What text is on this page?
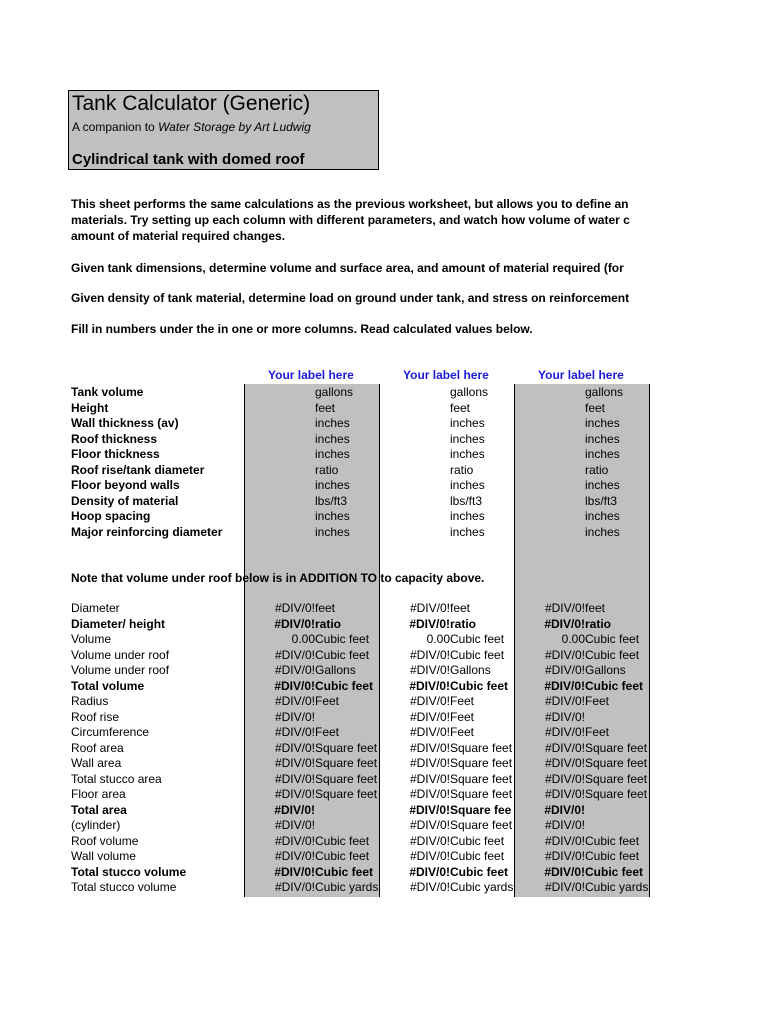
Tank Calculator (Generic)
A companion to Water Storage by Art Ludwig
Cylindrical tank with domed roof
This sheet performs the same calculations as the previous worksheet, but allows you to define an
materials. Try setting up each column with different parameters, and watch how volume of water c
amount of material required changes.
Given tank dimensions, determine volume and surface area, and amount of material required (for
Given density of tank material, determine load on ground under tank, and stress on reinforcement
Fill in numbers under the in one or more columns. Read calculated values below.
Your label here	Your label here	Your label here
Tank volume	gallons	gallons	gallons
Height	feet	feet	feet
Wall thickness (av)	inches	inches	inches
Roof thickness	inches	inches	inches
Floor thickness	inches	inches	inches
Roof rise/tank diameter	ratio	ratio	ratio
Floor beyond walls	inches	inches	inches
Density of material	lbs/ft3	lbs/ft3	lbs/ft3
Hoop spacing	inches	inches	inches
Major reinforcing diameter	inches	inches	inches
Note that volume under roof below is in ADDITION TO to capacity above.
Diameter	#DIV/0! feet	#DIV/0! feet	#DIV/0! feet
Diameter/ height	#DIV/0! ratio	#DIV/0! ratio	#DIV/0! ratio
Volume	0.00 Cubic feet	0.00 Cubic feet	0.00 Cubic feet
Volume under roof	#DIV/0! Cubic feet	#DIV/0! Cubic feet	#DIV/0! Cubic feet
Volume under roof	#DIV/0! Gallons	#DIV/0! Gallons	#DIV/0! Gallons
Total volume	#DIV/0! Cubic feet	#DIV/0! Cubic feet	#DIV/0! Cubic feet
Radius	#DIV/0! Feet	#DIV/0! Feet	#DIV/0! Feet
Roof rise	#DIV/0!	#DIV/0! Feet	#DIV/0!
Circumference	#DIV/0! Feet	#DIV/0! Feet	#DIV/0! Feet
Roof area	#DIV/0! Square feet	#DIV/0! Square feet	#DIV/0! Square feet
Wall area	#DIV/0! Square feet	#DIV/0! Square feet	#DIV/0! Square feet
Total stucco area	#DIV/0! Square feet	#DIV/0! Square feet	#DIV/0! Square feet
Floor area	#DIV/0! Square feet	#DIV/0! Square feet	#DIV/0! Square feet
Total area	#DIV/0!	#DIV/0! Square fee	#DIV/0!
(cylinder)	#DIV/0!	#DIV/0! Square feet	#DIV/0!
Roof volume	#DIV/0! Cubic feet	#DIV/0! Cubic feet	#DIV/0! Cubic feet
Wall volume	#DIV/0! Cubic feet	#DIV/0! Cubic feet	#DIV/0! Cubic feet
Total stucco volume	#DIV/0! Cubic feet	#DIV/0! Cubic feet	#DIV/0! Cubic feet
Total stucco volume	#DIV/0! Cubic yards	#DIV/0! Cubic yards	#DIV/0! Cubic yards
